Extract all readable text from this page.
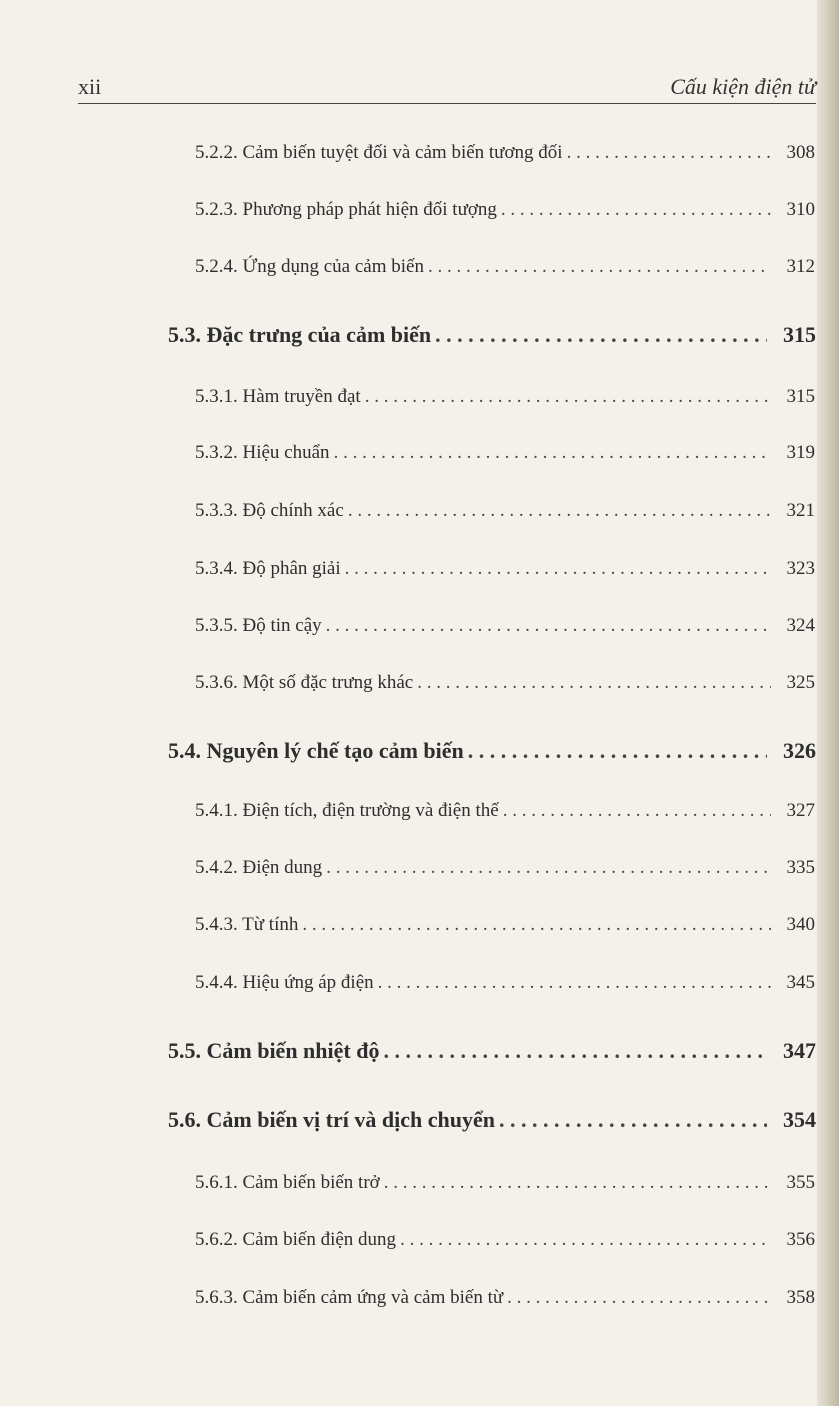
xii	Cấu kiện điện tử
5.2.2. Cảm biến tuyệt đối và cảm biến tương đối . . .	308
5.2.3. Phương pháp phát hiện đối tượng . . .	310
5.2.4. Ứng dụng của cảm biến . . .	312
5.3. Đặc trưng của cảm biến . . .	315
5.3.1. Hàm truyền đạt . . .	315
5.3.2. Hiệu chuẩn . . .	319
5.3.3. Độ chính xác . . .	321
5.3.4. Độ phân giải . . .	323
5.3.5. Độ tin cậy . . .	324
5.3.6. Một số đặc trưng khác . . .	325
5.4. Nguyên lý chế tạo cảm biến . . .	326
5.4.1. Điện tích, điện trường và điện thế . . .	327
5.4.2. Điện dung . . .	335
5.4.3. Từ tính . . .	340
5.4.4. Hiệu ứng áp điện . . .	345
5.5. Cảm biến nhiệt độ . . .	347
5.6. Cảm biến vị trí và dịch chuyển . . .	354
5.6.1. Cảm biến biến trở . . .	355
5.6.2. Cảm biến điện dung . . .	356
5.6.3. Cảm biến cảm ứng và cảm biến từ . . .	358
